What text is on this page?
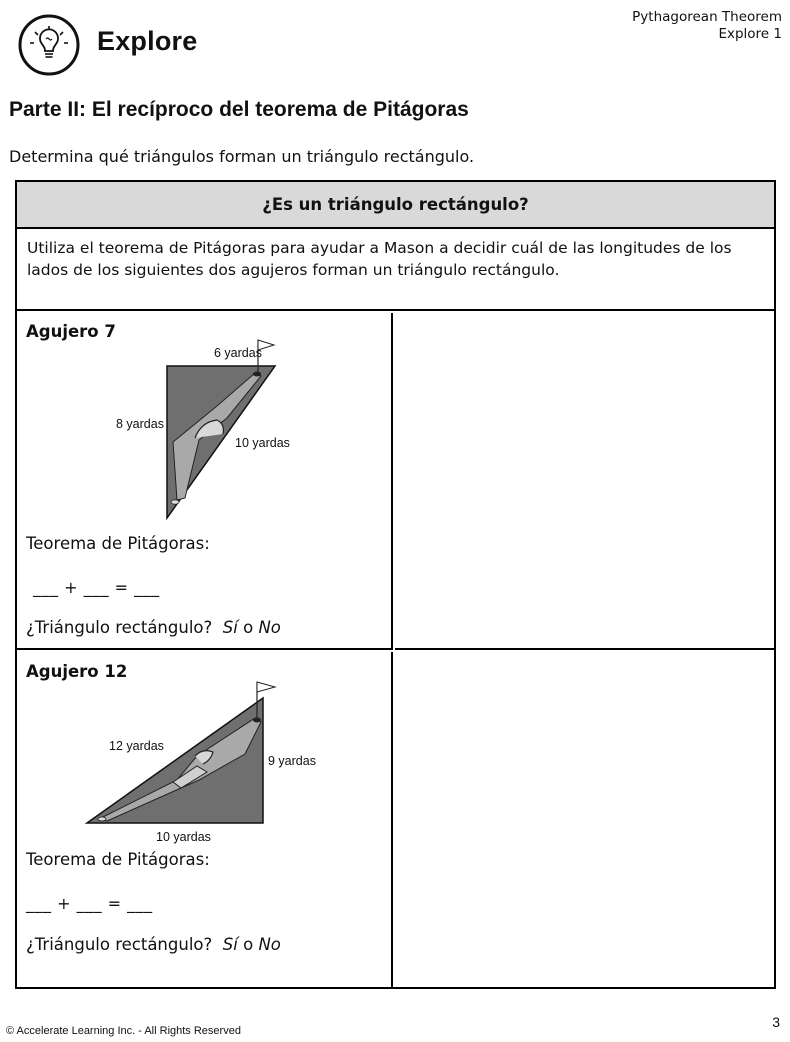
Explore
Pythagorean Theorem
Explore 1
Parte II: El recíproco del teorema de Pitágoras
Determina qué triángulos forman un triángulo rectángulo.
¿Es un triángulo rectángulo?
Utiliza el teorema de Pitágoras para ayudar a Mason a decidir cuál de las longitudes de los lados de los siguientes dos agujeros forman un triángulo rectángulo.
Agujero 7
6 yardas
8 yardas
10 yardas
Teorema de Pitágoras:
___ + ___ = ___
¿Triángulo rectángulo? Sí o No
Agujero 12
12 yardas
9 yardas
10 yardas
Teorema de Pitágoras:
___ + ___ = ___
¿Triángulo rectángulo? Sí o No
© Accelerate Learning Inc. - All Rights Reserved
3
